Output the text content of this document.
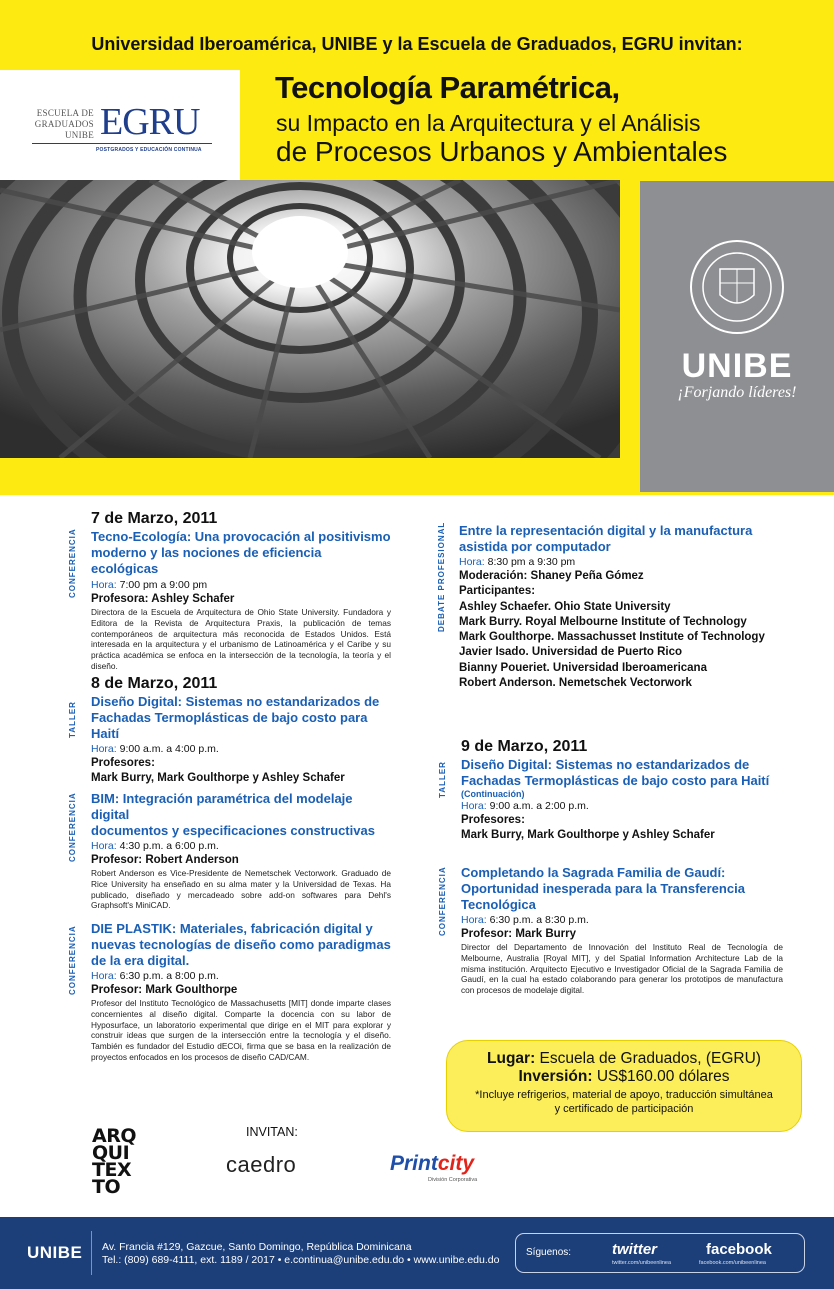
Universidad Iberoamérica, UNIBE y la Escuela de Graduados, EGRU invitan:
ESCUELA DE
GRADUADOS
UNIBE EGRU
POSTGRADOS Y EDUCACIÓN CONTINUA
Tecnología Paramétrica,
su Impacto en la Arquitectura y el Análisis
de Procesos Urbanos y Ambientales
UNIBE
¡Forjando líderes!
7 de Marzo, 2011
Tecno-Ecología: Una provocación al positivismo
moderno y las nociones de eficiencia ecológicas
Hora: 7:00 pm a 9:00 pm
Profesora: Ashley Schafer
Directora de la Escuela de Arquitectura de Ohio State University. Fundadora y Editora de la Revista de Arquitectura Praxis, la publicación de temas contemporáneos de arquitectura más reconocida de Estados Unidos. Está interesada en la arquitectura y el urbanismo de Latinoamérica y el Caribe y su práctica académica se enfoca en la intersección de la tecnología, la teoría y el diseño.
CONFERENCIA
8 de Marzo, 2011
Diseño Digital: Sistemas no estandarizados de
Fachadas Termoplásticas de bajo costo para Haití
Hora: 9:00 a.m. a 4:00 p.m.
Profesores:
Mark Burry, Mark Goulthorpe y Ashley Schafer
TALLER
BIM: Integración paramétrica del modelaje digital
documentos y especificaciones constructivas
Hora: 4:30 p.m. a 6:00 p.m.
Profesor: Robert Anderson
Robert Anderson es Vice-Presidente de Nemetschek Vectorwork. Graduado de Rice University ha enseñado en su alma mater y la Universidad de Texas. Ha publicado, diseñado y mercadeado sobre add-on softwares para Dehl's Graphsoft's MiniCAD.
CONFERENCIA
DIE PLASTIK: Materiales, fabricación digital y
nuevas tecnologías de diseño como paradigmas
de la era digital.
Hora: 6:30 p.m. a 8:00 p.m.
Profesor: Mark Goulthorpe
Profesor del Instituto Tecnológico de Massachusetts [MIT] donde imparte clases concernientes al diseño digital. Comparte la docencia con su labor de Hyposurface, un laboratorio experimental que dirige en el MIT para explorar y construir ideas que surgen de la intersección entre la tecnología y el diseño. También es fundador del Estudio dECOi, firma que se basa en la realización de proyectos enfocados en los procesos de diseño CAD/CAM.
CONFERENCIA
Entre la representación digital y la manufactura
asistida por computador
Hora: 8:30 pm a 9:30 pm
Moderación: Shaney Peña Gómez
Participantes:
Ashley Schaefer. Ohio State University
Mark Burry. Royal Melbourne Institute of Technology
Mark Goulthorpe. Massachusset Institute of Technology
Javier Isado. Universidad de Puerto Rico
Bianny Poueriet. Universidad Iberoamericana
Robert Anderson. Nemetschek Vectorwork
DEBATE PROFESIONAL
9 de Marzo, 2011
Diseño Digital: Sistemas no estandarizados de
Fachadas Termoplásticas de bajo costo para Haití
(Continuación)
Hora: 9:00 a.m. a 2:00 p.m.
Profesores:
Mark Burry, Mark Goulthorpe y Ashley Schafer
TALLER
Completando la Sagrada Familia de Gaudí:
Oportunidad inesperada para la Transferencia
Tecnológica
Hora: 6:30 p.m. a 8:30 p.m.
Profesor: Mark Burry
Director del Departamento de Innovación del Instituto Real de Tecnología de Melbourne, Australia [Royal MIT], y del Spatial Information Architecture Lab de la misma institución. Arquitecto Ejecutivo e Investigador Oficial de la Sagrada Familia de Gaudí, en la cual ha estado colaborando para generar los prototipos de manufactura con procesos de modelaje digital.
CONFERENCIA
Lugar: Escuela de Graduados, (EGRU)
Inversión: US$160.00 dólares
*Incluye refrigerios, material de apoyo, traducción simultánea
y certificado de participación
ARQ
QUI
TEX
TO
INVITAN:
caedro	Printcity
División Corporativa
UNIBE Av. Francia #129, Gazcue, Santo Domingo, República Dominicana
Tel.: (809) 689-4111, ext. 1189 / 2017 • e.continua@unibe.edu.do • www.unibe.edu.do
Síguenos:	twitter
twitter.com/unibeenlinea
facebook
facebook.com/unibeenlinea
